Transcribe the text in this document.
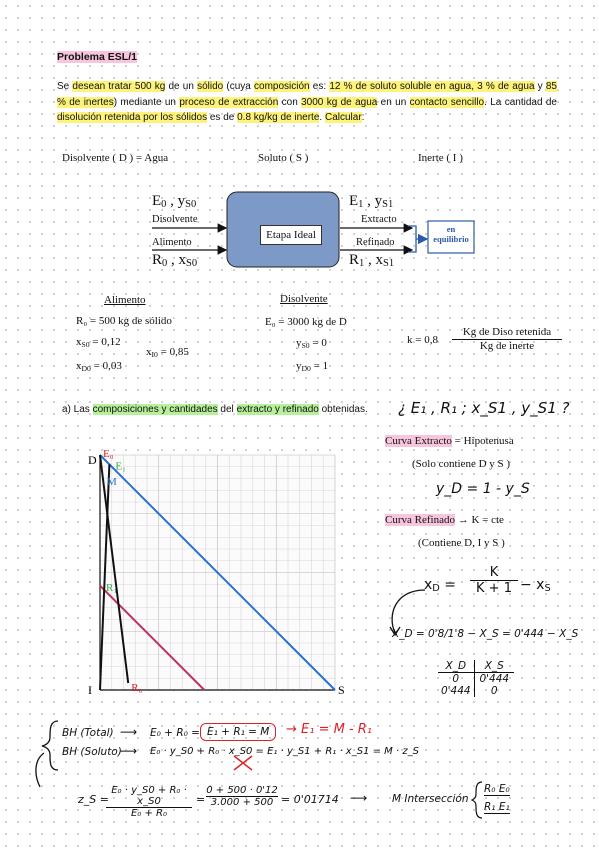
Problema ESL/1
Se desean tratar 500 kg de un sólido (cuya composición es: 12 % de soluto soluble en agua, 3 % de agua y 85 % de inertes) mediante un proceso de extracción con 3000 kg de agua en un contacto sencillo. La cantidad de disolución retenida por los sólidos es de 0.8 kg/kg de inerte. Calcular:
Disolvente ( D ) = Agua	Soluto ( S )	Inerte ( I )
Etapa Ideal
$E_0$ , $y_{S0}$
Disolvente
Alimento
$R_0$ , $x_{S0}$
$E_1$ , $y_{S1}$
Extracto
Refinado
$R_1$ , $x_{S1}$
en
equilibrio
Alimento
R₀ = 500 kg de sólido
$x_{S0} = 0,12$
$x_{I0} = 0,85$
$x_{D0} = 0,03$
Disolvente
E₀ = 3000 kg de D
$y_{S0} = 0$
$y_{D0} = 1$
k = 0,8
Kg de Diso retenida
Kg de inerte
a) Las composiciones y cantidades del extracto y refinado obtenidas. ¿ E₁ , R₁ ; x_S1 , y_S1 ?
D
I	S
E₀
E₁
M
R₁
R₀
Curva Extracto = Hipotenusa
(Solo contiene D y S )
y_D = 1 - y_S
Curva Refinado → K = cte
(Contiene D, I y S )
$x_D$ =
K
$K + 1 - x_S$
X_D = 0'8/1'8 − X_S = 0'444 − X_S
X_D	X_S
0	0'444
0'444	0
BH (Total) ⟶ E₀ + R₀ = E₁ + R₁ = M	→ E₁ = M - R₁
BH (Soluto)
⟶ E₀ · y_S0 + R₀ · x_S0 = E₁ · y_S1 + R₁ · x_S1 = M · z_S
z_S =
E₀ · y_S0 + R₀ · x_S0
E₀ + R₀
=
0 + 500 · 0'12
3.000 + 500 = 0'01714 ⟶ M Intersección
R₀ E₀
R₁ E₁
